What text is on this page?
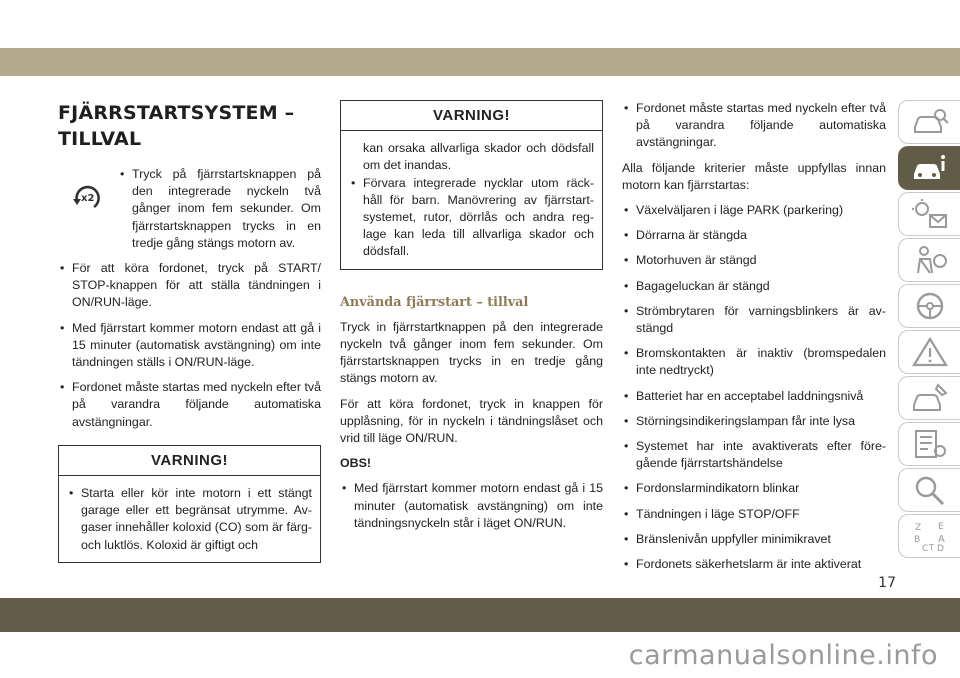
FJÄRRSTARTSYSTEM – TILLVAL
x2
• Tryck på fjärrstartsknappen på den integrerade nyckeln två gånger inom fem sekunder. Om fjärrstartsknappen trycks in en tredje gång stängs motorn av.
• För att köra fordonet, tryck på START/ STOP-knappen för att ställa tändningen i ON/RUN-läge.
• Med fjärrstart kommer motorn endast att gå i 15 minuter (automatisk avstängning) om inte tändningen ställs i ON/RUN-läge.
• Fordonet måste startas med nyckeln efter två på varandra följande automatiska avstängningar.
VARNING!
• Starta eller kör inte motorn i ett stängt garage eller ett begränsat utrymme. Av- gaser innehåller koloxid (CO) som är färg- och luktlös. Koloxid är giftigt och
VARNING!

kan orsaka allvarliga skador och dödsfall om det inandas.

• Förvara integrerade nycklar utom räck- håll för barn. Manövrering av fjärrstart- systemet, rutor, dörrlås och andra reg- lage kan leda till allvarliga skador och dödsfall.
Använda fjärrstart – tillval

Tryck in fjärrstartknappen på den integrerade nyckeln två gånger inom fem sekunder. Om fjärrstartsknappen trycks in en tredje gång stängs motorn av.

För att köra fordonet, tryck in knappen för upplåsning, för in nyckeln i tändningslåset och vrid till läge ON/RUN.

OBS!
• Med fjärrstart kommer motorn endast gå i 15 minuter (automatisk avstängning) om inte tändningsnyckeln står i läget ON/RUN.
• Fordonet måste startas med nyckeln efter två på varandra följande automatiska avstängningar.

Alla följande kriterier måste uppfyllas innan motorn kan fjärrstartas:

• Växelväljaren i läge PARK (parkering)
• Dörrarna är stängda
• Motorhuven är stängd
• Bagageluckan är stängd
• Strömbrytaren för varningsblinkers är av- stängd
• Bromskontakten är inaktiv (bromspedalen inte nedtryckt)
• Batteriet har en acceptabel laddningsnivå
• Störningsindikeringslampan får inte lysa
• Systemet har inte avaktiverats efter före- gående fjärrstartshändelse
• Fordonslarmindikatorn blinkar
• Tändningen i läge STOP/OFF
• Bränslenivån uppfyller minimikravet
• Fordonets säkerhetslarm är inte aktiverat
Z E
B A
C T D
17
carmanualsonline.info
